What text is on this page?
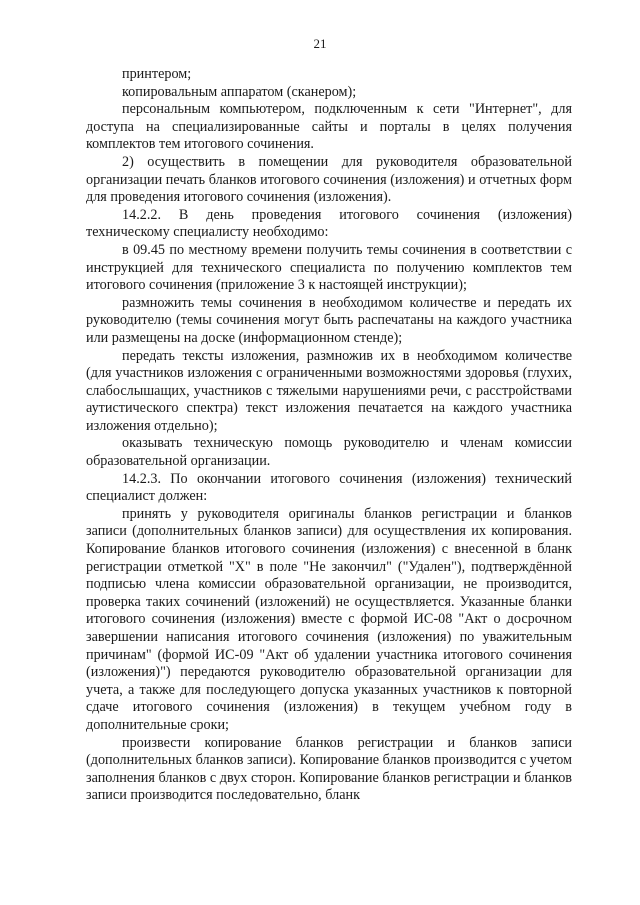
21

принтером;

копировальным аппаратом (сканером);

персональным компьютером, подключенным к сети "Интернет", для доступа на специализированные сайты и порталы в целях получения комплектов тем итогового сочинения.

2) осуществить в помещении для руководителя образовательной организации печать бланков итогового сочинения (изложения) и отчетных форм для проведения итогового сочинения (изложения).

14.2.2. В день проведения итогового сочинения (изложения) техническому специалисту необходимо:

в 09.45 по местному времени получить темы сочинения в соответствии с инструкцией для технического специалиста по получению комплектов тем итогового сочинения (приложение 3 к настоящей инструкции);

размножить темы сочинения в необходимом количестве и передать их руководителю (темы сочинения могут быть распечатаны на каждого участника или размещены на доске (информационном стенде);

передать тексты изложения, размножив их в необходимом количестве (для участников изложения с ограниченными возможностями здоровья (глухих, слабослышащих, участников с тяжелыми нарушениями речи, с расстройствами аутистического спектра) текст изложения печатается на каждого участника изложения отдельно);

оказывать техническую помощь руководителю и членам комиссии образовательной организации.

14.2.3. По окончании итогового сочинения (изложения) технический специалист должен:

принять у руководителя оригиналы бланков регистрации и бланков записи (дополнительных бланков записи) для осуществления их копирования. Копирование бланков итогового сочинения (изложения) с внесенной в бланк регистрации отметкой "X" в поле "Не закончил" ("Удален"), подтверждённой подписью члена комиссии образовательной организации, не производится, проверка таких сочинений (изложений) не осуществляется. Указанные бланки итогового сочинения (изложения) вместе с формой ИС-08 "Акт о досрочном завершении написания итогового сочинения (изложения) по уважительным причинам" (формой ИС-09 "Акт об удалении участника итогового сочинения (изложения)") передаются руководителю образовательной организации для учета, а также для последующего допуска указанных участников к повторной сдаче итогового сочинения (изложения) в текущем учебном году в дополнительные сроки;

произвести копирование бланков регистрации и бланков записи (дополнительных бланков записи). Копирование бланков производится с учетом заполнения бланков с двух сторон. Копирование бланков регистрации и бланков записи производится последовательно, бланк
